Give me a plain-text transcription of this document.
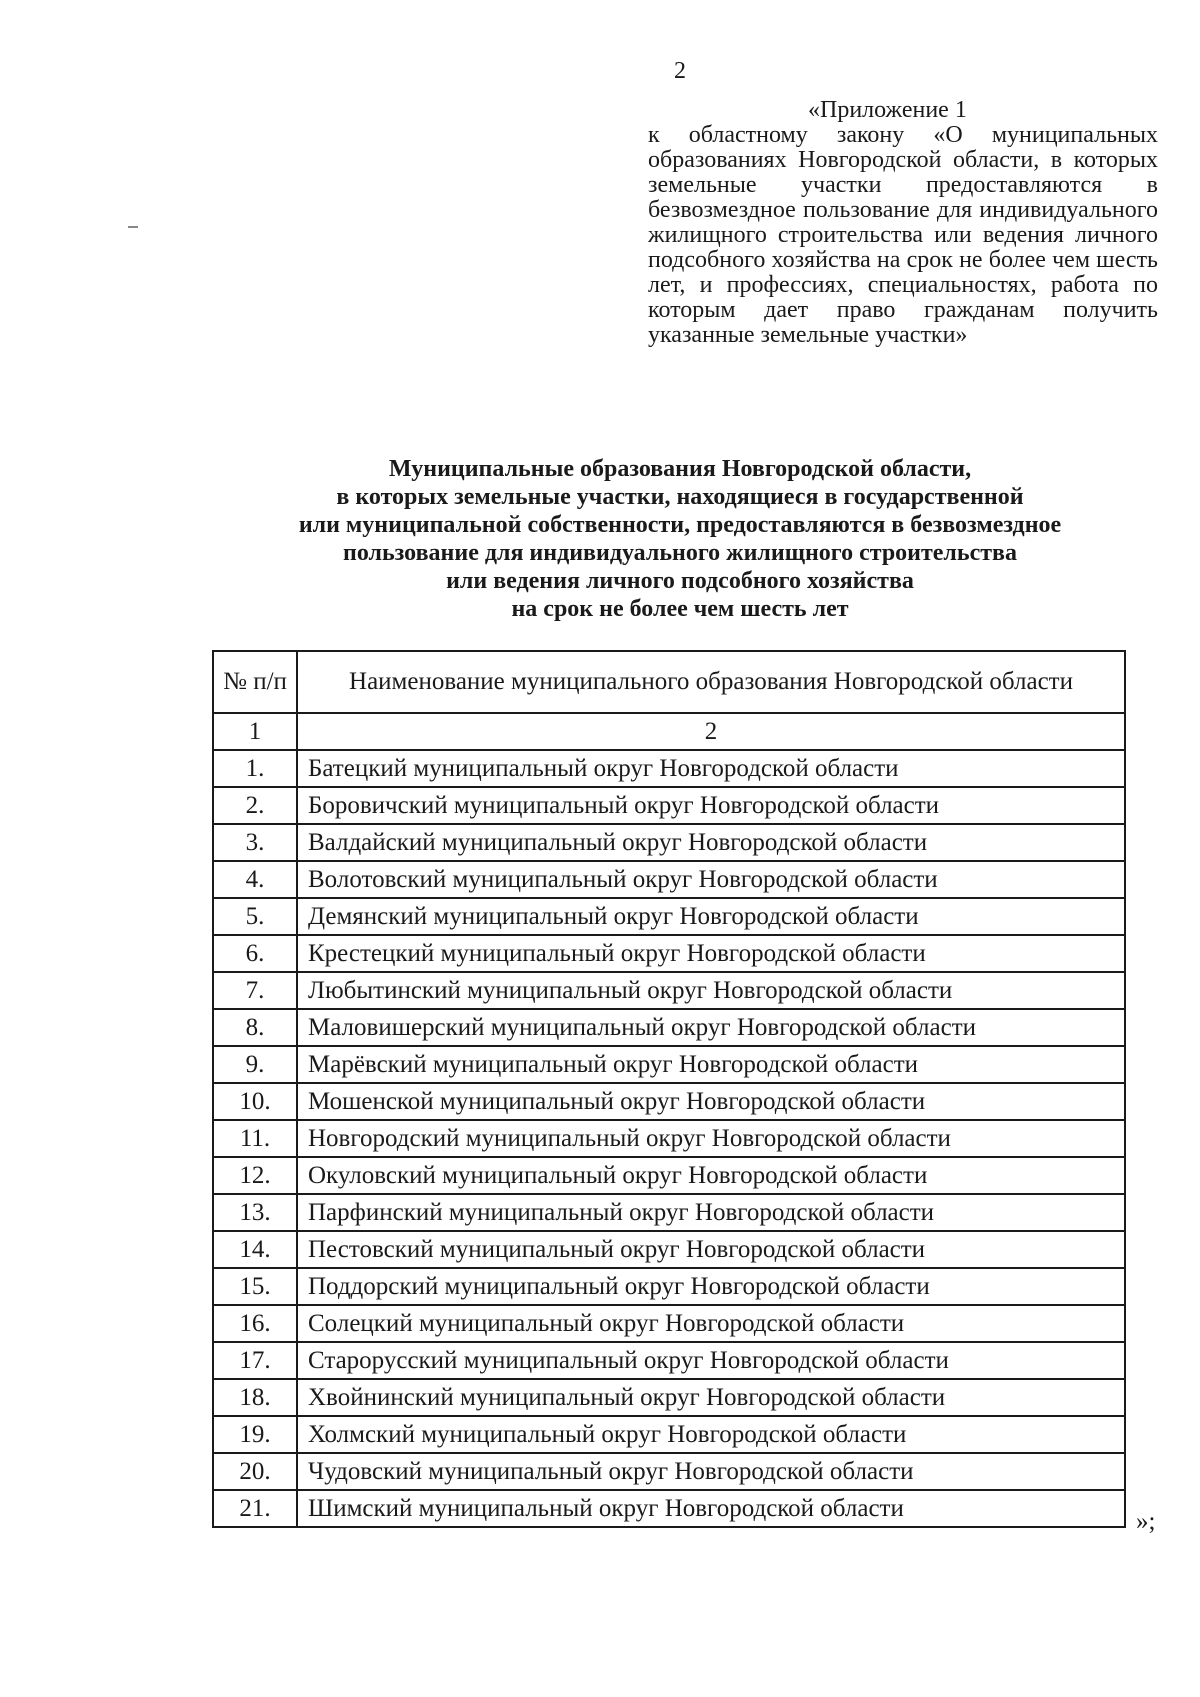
2

«Приложение 1

к областному закону «О муниципальных образованиях Новгородской области, в которых земельные участки предоставляются в безвозмездное пользование для индивидуального жилищного строительства или ведения личного подсобного хозяйства на срок не более чем шесть лет, и профессиях, специальностях, работа по которым дает право гражданам получить указанные земельные участки»

Муниципальные образования Новгородской области,
в которых земельные участки, находящиеся в государственной
или муниципальной собственности, предоставляются в безвозмездное
пользование для индивидуального жилищного строительства
или ведения личного подсобного хозяйства
на срок не более чем шесть лет
№ п/п	Наименование муниципального образования Новгородской области
1	2
1.	Батецкий муниципальный округ Новгородской области
2.	Боровичский муниципальный округ Новгородской области
3.	Валдайский муниципальный округ Новгородской области
4.	Волотовский муниципальный округ Новгородской области
5.	Демянский муниципальный округ Новгородской области
6.	Крестецкий муниципальный округ Новгородской области
7.	Любытинский муниципальный округ Новгородской области
8.	Маловишерский муниципальный округ Новгородской области
9.	Марёвский муниципальный округ Новгородской области
10.	Мошенской муниципальный округ Новгородской области
11.	Новгородский муниципальный округ Новгородской области
12.	Окуловский муниципальный округ Новгородской области
13.	Парфинский муниципальный округ Новгородской области
14.	Пестовский муниципальный округ Новгородской области
15.	Поддорский муниципальный округ Новгородской области
16.	Солецкий муниципальный округ Новгородской области
17.	Старорусский муниципальный округ Новгородской области
18.	Хвойнинский муниципальный округ Новгородской области
19.	Холмский муниципальный округ Новгородской области
20.	Чудовский муниципальный округ Новгородской области
21.	Шимский муниципальный округ Новгородской области	»;
